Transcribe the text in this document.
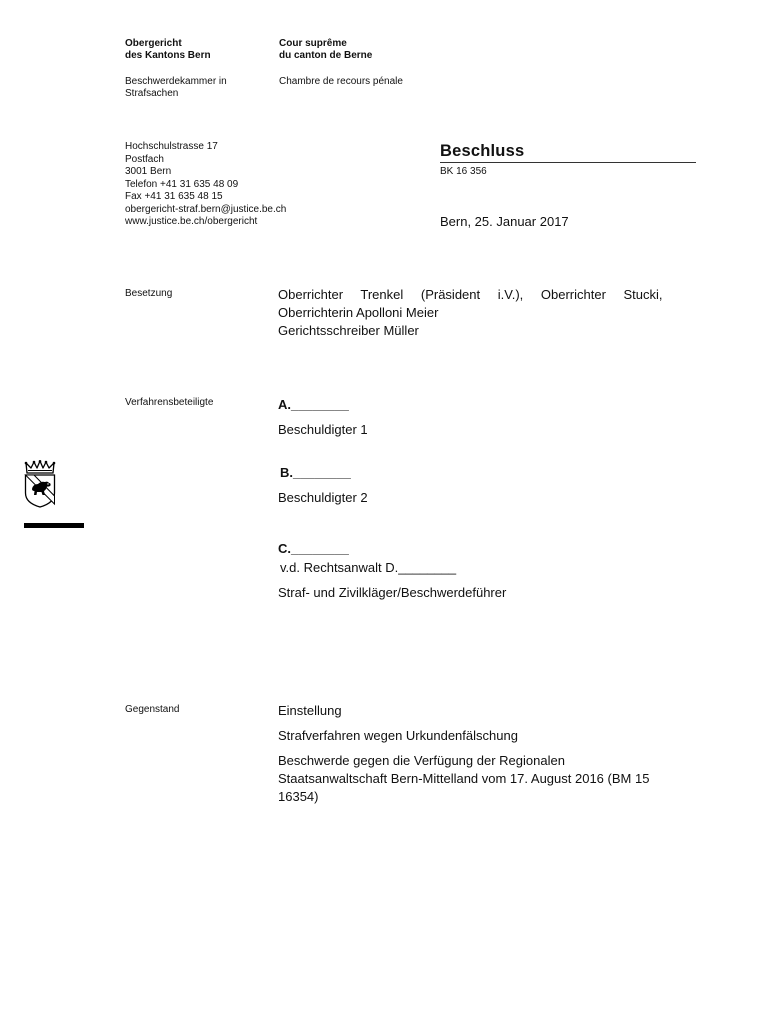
Obergericht
des Kantons Bern
Cour suprême
du canton de Berne
Beschwerdekammer in
Strafsachen
Chambre de recours pénale
Hochschulstrasse 17
Postfach
3001 Bern
Telefon +41 31 635 48 09
Fax +41 31 635 48 15
obergericht-straf.bern@justice.be.ch
www.justice.be.ch/obergericht
Beschluss
BK 16 356
Bern, 25. Januar 2017
Besetzung	Oberrichter Trenkel (Präsident i.V.), Oberrichter Stucki,
Oberrichterin Apolloni Meier
Gerichtsschreiber Müller
Verfahrensbeteiligte	A.________
Beschuldigter 1
B.________
Beschuldigter 2
C.________
v.d. Rechtsanwalt D.________
Straf- und Zivilkläger/Beschwerdeführer
Gegenstand	Einstellung
Strafverfahren wegen Urkundenfälschung
Beschwerde gegen die Verfügung der Regionalen
Staatsanwaltschaft Bern-Mittelland vom 17. August 2016 (BM 15
16354)
